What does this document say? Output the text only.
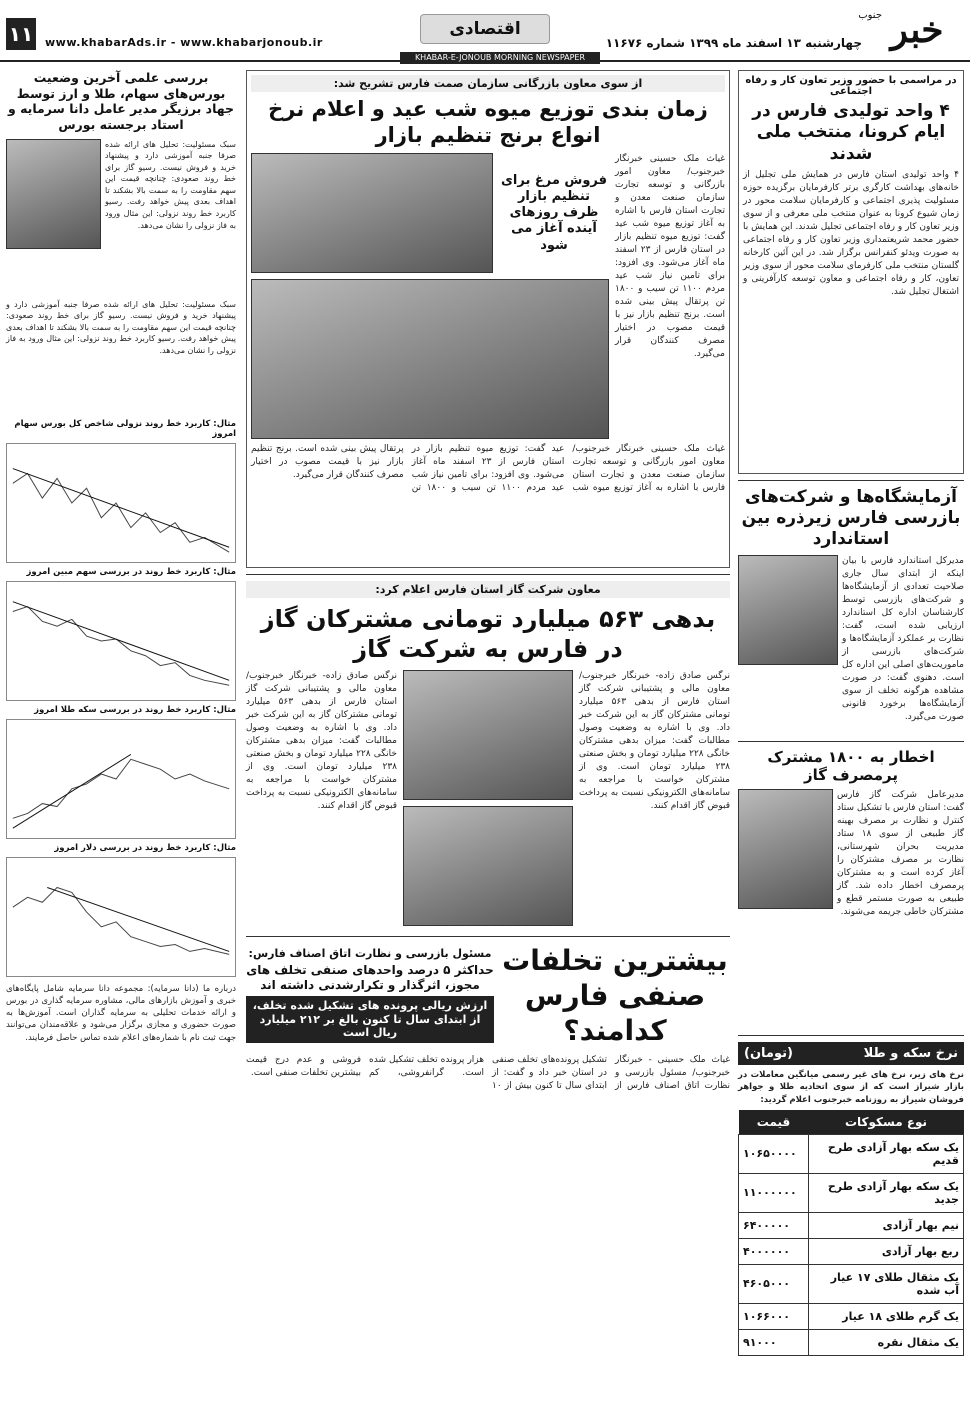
خبر
جنوب
چهارشنبه ۱۳ اسفند ماه ۱۳۹۹ شماره ۱۱۶۷۶
اقتصادی
KHABAR-E-JONOUB MORNING NEWSPAPER
www.khabarAds.ir - www.khabarjonoub.ir
۱۱
در مراسمی با حضور وزیر تعاون کار و رفاه اجتماعی
۴ واحد تولیدی فارس در ایام کرونا، منتخب ملی شدند
۴ واحد تولیدی استان فارس در همایش ملی تجلیل از خانه‌های بهداشت کارگری برتر کارفرمایان برگزیده حوزه مسئولیت پذیری اجتماعی و کارفرمایان سلامت محور در زمان شیوع کرونا به عنوان منتخب ملی معرفی و از سوی وزیر تعاون کار و رفاه اجتماعی تجلیل شدند. این همایش با حضور محمد شریعتمداری وزیر تعاون کار و رفاه اجتماعی به صورت ویدئو کنفرانس برگزار شد. در این آئین کارخانه گلستان منتخب ملی کارفرمای سلامت محور از سوی وزیر تعاون، کار و رفاه اجتماعی و معاون توسعه کارآفرینی و اشتغال تجلیل شد.
آزمایشگاه‌ها و شرکت‌های بازرسی فارس زیرذره بین استاندارد
مدیرکل استاندارد فارس با بیان اینکه از ابتدای سال جاری صلاحیت تعدادی از آزمایشگاه‌ها و شرکت‌های بازرسی توسط کارشناسان اداره کل استاندارد ارزیابی شده است، گفت: نظارت بر عملکرد آزمایشگاه‌ها و شرکت‌های بازرسی از ماموریت‌های اصلی این اداره کل است. دهنوی گفت: در صورت مشاهده هرگونه تخلف از سوی آزمایشگاه‌ها برخورد قانونی صورت می‌گیرد.
اخطار به ۱۸۰۰ مشترک پرمصرف گاز
مدیرعامل شرکت گاز فارس گفت: استان فارس با تشکیل ستاد کنترل و نظارت بر مصرف بهینه گاز طبیعی از سوی ۱۸ ستاد مدیریت بحران شهرستانی، نظارت بر مصرف مشترکان را آغاز کرده است و به مشترکان پرمصرف اخطار داده شد. گاز طبیعی به صورت مستمر قطع و مشترکان خاطی جریمه می‌شوند.
نرخ سکه و طلا
(تومان)
نرخ های زیر، نرخ های غیر رسمی میانگین معاملات در بازار شیراز است که از سوی اتحادیه طلا و جواهر فروشان شیراز به روزنامه خبرجنوب اعلام گردید:
نوع مسکوکات	قیمت
یک سکه بهار آزادی طرح قدیم	۱۰۶۵۰۰۰۰
یک سکه بهار آزادی طرح جدید	۱۱۰۰۰۰۰۰
نیم بهار آزادی	۶۴۰۰۰۰۰
ربع بهار آزادی	۴۰۰۰۰۰۰
یک مثقال طلای ۱۷ عیار آب شده	۴۶۰۵۰۰۰
یک گرم طلای ۱۸ عیار	۱۰۶۶۰۰۰
یک مثقال نقره	۹۱۰۰۰
از سوی معاون بازرگانی سازمان صمت فارس تشریح شد:
زمان بندی توزیع میوه شب عید و اعلام نرخ انواع برنج تنظیم بازار
غیاث ملک حسینی خبرنگار خبرجنوب/ معاون امور بازرگانی و توسعه تجارت سازمان صنعت معدن و تجارت استان فارس با اشاره به آغاز توزیع میوه شب عید گفت: توزیع میوه تنظیم بازار در استان فارس از ۲۳ اسفند ماه آغاز می‌شود. وی افزود: برای تامین نیاز شب عید مردم ۱۱۰۰ تن سیب و ۱۸۰۰ تن پرتقال پیش بینی شده است. برنج تنظیم بازار نیز با قیمت مصوب در اختیار مصرف کنندگان قرار می‌گیرد.
فروش مرغ برای تنظیم بازار ظرف روزهای آینده آغاز می شود
غیاث ملک حسینی خبرنگار خبرجنوب/ معاون امور بازرگانی و توسعه تجارت سازمان صنعت معدن و تجارت استان فارس با اشاره به آغاز توزیع میوه شب عید گفت: توزیع میوه تنظیم بازار در استان فارس از ۲۳ اسفند ماه آغاز می‌شود. وی افزود: برای تامین نیاز شب عید مردم ۱۱۰۰ تن سیب و ۱۸۰۰ تن پرتقال پیش بینی شده است. برنج تنظیم بازار نیز با قیمت مصوب در اختیار مصرف کنندگان قرار می‌گیرد.
معاون شرکت گاز استان فارس اعلام کرد:
بدهی ۵۶۳ میلیارد تومانی مشترکان گاز در فارس به شرکت گاز
نرگس صادق زاده- خبرنگار خبرجنوب/ معاون مالی و پشتیبانی شرکت گاز استان فارس از بدهی ۵۶۳ میلیارد تومانی مشترکان گاز به این شرکت خبر داد. وی با اشاره به وضعیت وصول مطالبات گفت: میزان بدهی مشترکان خانگی ۲۲۸ میلیارد تومان و بخش صنعتی ۲۳۸ میلیارد تومان است. وی از مشترکان خواست با مراجعه به سامانه‌های الکترونیکی نسبت به پرداخت قبوض گاز اقدام کنند.
نرگس صادق زاده- خبرنگار خبرجنوب/ معاون مالی و پشتیبانی شرکت گاز استان فارس از بدهی ۵۶۳ میلیارد تومانی مشترکان گاز به این شرکت خبر داد. وی با اشاره به وضعیت وصول مطالبات گفت: میزان بدهی مشترکان خانگی ۲۲۸ میلیارد تومان و بخش صنعتی ۲۳۸ میلیارد تومان است. وی از مشترکان خواست با مراجعه به سامانه‌های الکترونیکی نسبت به پرداخت قبوض گاز اقدام کنند.
بیشترین تخلفات صنفی فارس کدامند؟
مسئول بازرسی و نظارت اتاق اصناف فارس:
حداکثر ۵ درصد واحدهای صنفی تخلف های مجوز، اثرگذار و تکرارشدنی داشته اند
ارزش ریالی پرونده های تشکیل شده تخلف، از ابتدای سال تا کنون بالغ بر ۲۱۲ میلیارد ریال است
غیاث ملک حسینی - خبرنگار خبرجنوب/ مسئول بازرسی و نظارت اتاق اصناف فارس از تشکیل پرونده‌های تخلف صنفی در استان خبر داد و گفت: از ابتدای سال تا کنون بیش از ۱۰ هزار پرونده تخلف تشکیل شده است. گرانفروشی، کم فروشی و عدم درج قیمت بیشترین تخلفات صنفی است.
بررسی علمی آخرین وضعیت بورس‌های سهام، طلا و ارز توسط جهاد برزیگر مدیر عامل دانا سرمایه و استاد برجسته بورس
سبک مسئولیت: تحلیل های ارائه شده صرفا جنبه آموزشی دارد و پیشنهاد خرید و فروش نیست. رسیو گاز برای خط روند صعودی: چنانچه قیمت این سهم مقاومت را به سمت بالا بشکند تا اهداف بعدی پیش خواهد رفت. رسیو کاربرد خط روند نزولی: این مثال ورود به فاز نزولی را نشان می‌دهد.
سبک مسئولیت: تحلیل های ارائه شده صرفا جنبه آموزشی دارد و پیشنهاد خرید و فروش نیست. رسیو گاز برای خط روند صعودی: چنانچه قیمت این سهم مقاومت را به سمت بالا بشکند تا اهداف بعدی پیش خواهد رفت. رسیو کاربرد خط روند نزولی: این مثال ورود به فاز نزولی را نشان می‌دهد.
مثال: کاربرد خط روند نزولی شاخص کل بورس سهام امروز
مثال: کاربرد خط روند در بررسی سهم مبین امروز
مثال: کاربرد خط روند در بررسی سکه طلا امروز
مثال: کاربرد خط روند در بررسی دلار امروز
درباره ما (دانا سرمایه): مجموعه دانا سرمایه شامل پایگاه‌های خبری و آموزش بازارهای مالی، مشاوره سرمایه گذاری در بورس و ارائه خدمات تحلیلی به سرمایه گذاران است. آموزش‌ها به صورت حضوری و مجازی برگزار می‌شود و علاقه‌مندان می‌توانند جهت ثبت نام با شماره‌های اعلام شده تماس حاصل فرمایند.
